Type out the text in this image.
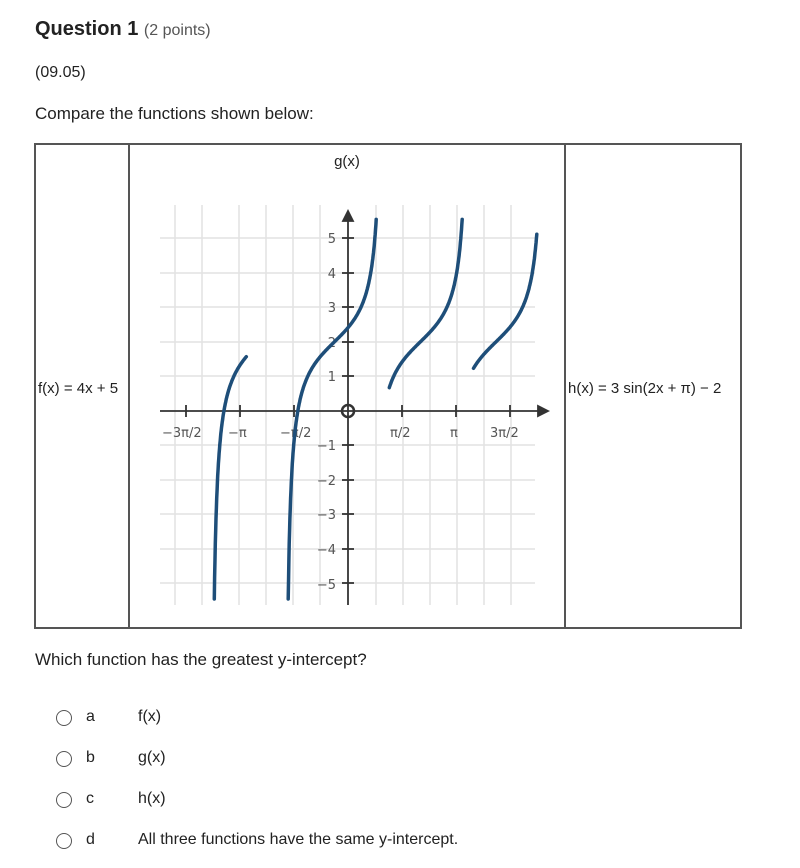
Question 1 (2 points)
(09.05)
Compare the functions shown below:
f(x) = 4x + 5
g(x)
−3π/2 −π	−π/2	π/2	π 3π/2
5
4
3
2
1
−1
−2
−3
−4
−5
h(x) = 3 sin(2x + π) − 2
Which function has the greatest y-intercept?
a	f(x)
b	g(x)
c	h(x)
d	All three functions have the same y-intercept.
